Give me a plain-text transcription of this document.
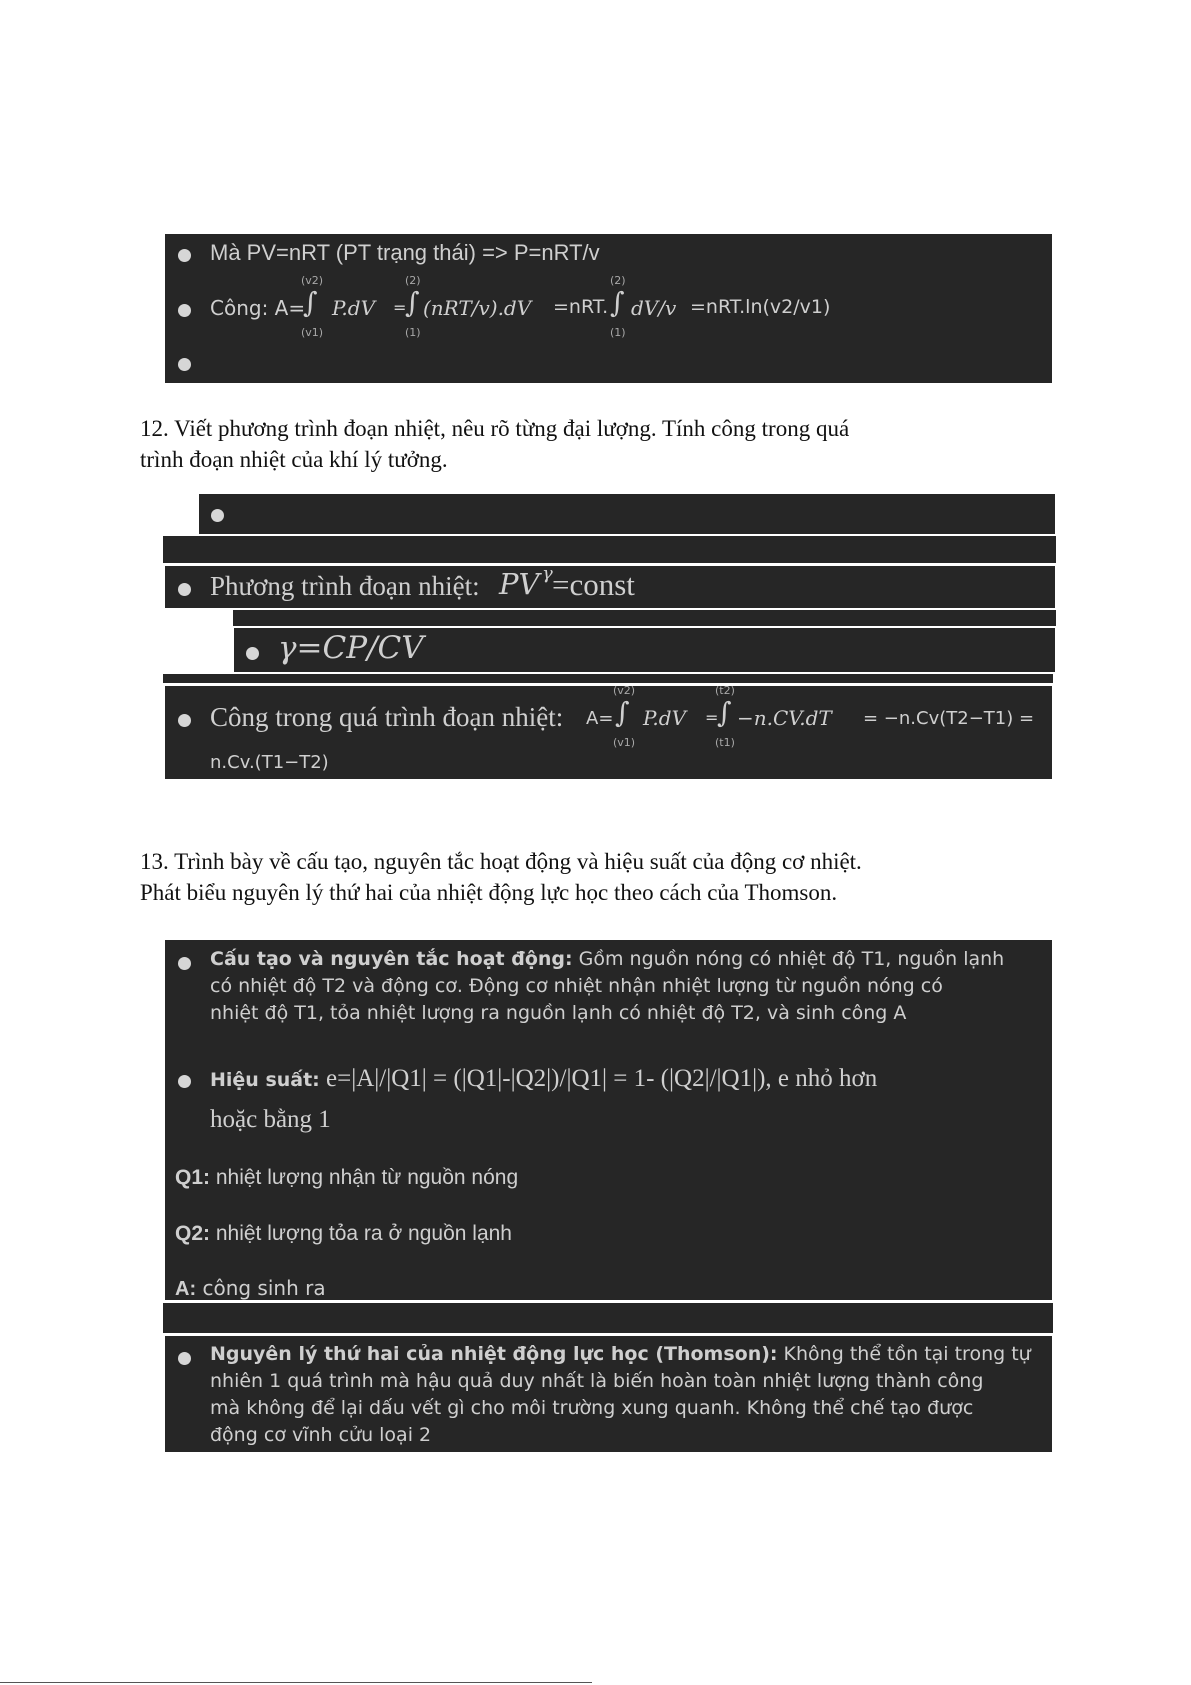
Mà PV=nRT (PT trạng thái) => P=nRT/v
Công: A=
(v2)
∫
(v1)
P.dV =
(2)
∫
(1)
(nRT/v).dV =nRT.
(2)
∫
(1)
dV/v =nRT.ln(v2/v1)
12. Viết phương trình đoạn nhiệt, nêu rõ từng đại lượng. Tính công trong quá
trình đoạn nhiệt của khí lý tưởng.
Phương trình đoạn nhiệt: PV γ =const
γ=CP/CV
Công trong quá trình đoạn nhiệt: A=
(v2)
∫
(v1)
P.dV =
(t2)
∫
(t1)
−n.CV.dT = −n.Cv(T2−T1) =
n.Cv.(T1−T2)
13. Trình bày về cấu tạo, nguyên tắc hoạt động và hiệu suất của động cơ nhiệt.
Phát biểu nguyên lý thứ hai của nhiệt động lực học theo cách của Thomson.
Cấu tạo và nguyên tắc hoạt động: Gồm nguồn nóng có nhiệt độ T1, nguồn lạnh
có nhiệt độ T2 và động cơ. Động cơ nhiệt nhận nhiệt lượng từ nguồn nóng có
nhiệt độ T1, tỏa nhiệt lượng ra nguồn lạnh có nhiệt độ T2, và sinh công A
Hiệu suất: e=|A|/|Q1| = (|Q1|-|Q2|)/|Q1| = 1- (|Q2|/|Q1|), e nhỏ hơn
hoặc bằng 1
Q1: nhiệt lượng nhận từ nguồn nóng
Q2: nhiệt lượng tỏa ra ở nguồn lạnh
A: công sinh ra
Nguyên lý thứ hai của nhiệt động lực học (Thomson): Không thể tồn tại trong tự
nhiên 1 quá trình mà hậu quả duy nhất là biến hoàn toàn nhiệt lượng thành công
mà không để lại dấu vết gì cho môi trường xung quanh. Không thể chế tạo được
động cơ vĩnh cửu loại 2
